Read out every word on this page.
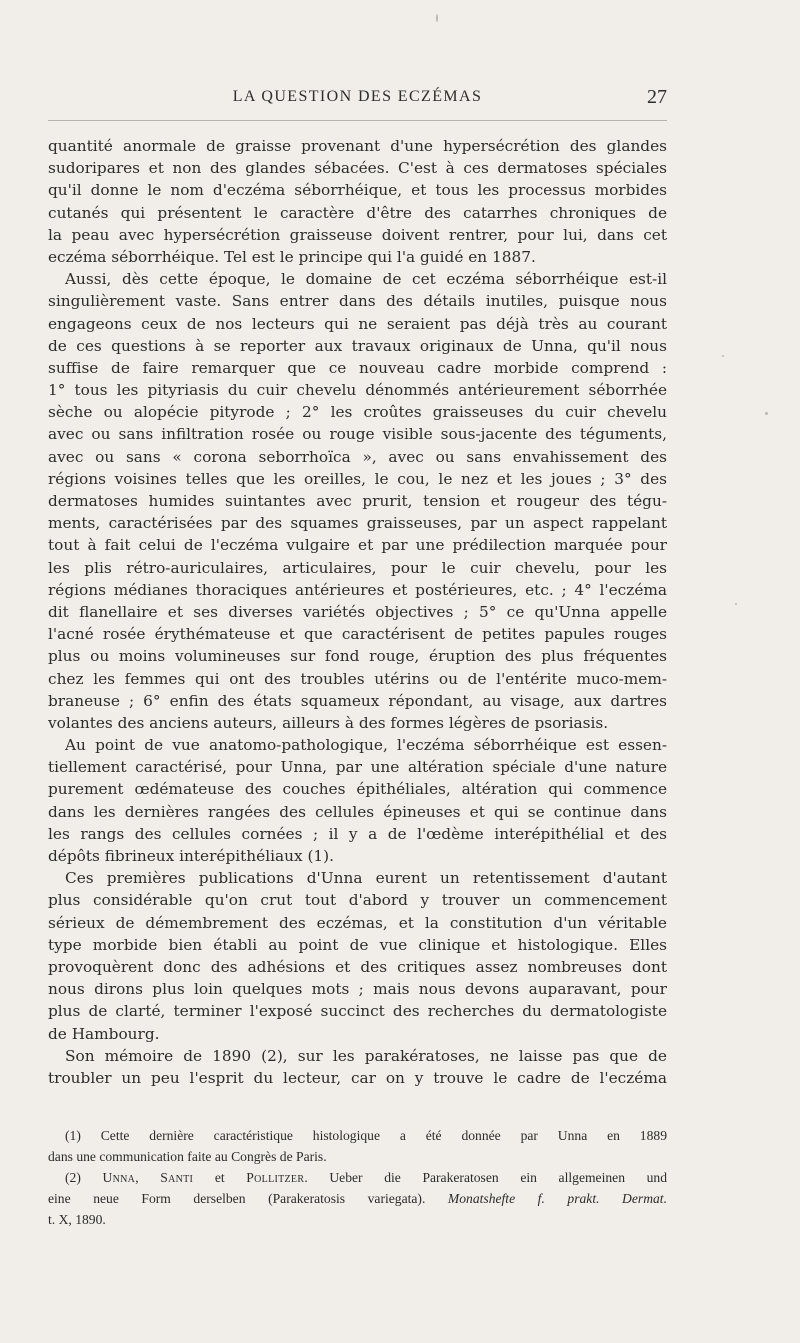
LA QUESTION DES ECZÉMAS	27
quantité anormale de graisse provenant d'une hypersécrétion des glandes
sudoripares et non des glandes sébacées. C'est à ces dermatoses spéciales
qu'il donne le nom d'eczéma séborrhéique, et tous les processus morbides
cutanés qui présentent le caractère d'être des catarrhes chroniques de
la peau avec hypersécrétion graisseuse doivent rentrer, pour lui, dans cet
eczéma séborrhéique. Tel est le principe qui l'a guidé en 1887.
Aussi, dès cette époque, le domaine de cet eczéma séborrhéique est-il
singulièrement vaste. Sans entrer dans des détails inutiles, puisque nous
engageons ceux de nos lecteurs qui ne seraient pas déjà très au courant
de ces questions à se reporter aux travaux originaux de Unna, qu'il nous
suffise de faire remarquer que ce nouveau cadre morbide comprend :
1° tous les pityriasis du cuir chevelu dénommés antérieurement séborrhée
sèche ou alopécie pityrode ; 2° les croûtes graisseuses du cuir chevelu
avec ou sans infiltration rosée ou rouge visible sous-jacente des téguments,
avec ou sans « corona seborrhoïca », avec ou sans envahissement des
régions voisines telles que les oreilles, le cou, le nez et les joues ; 3° des
dermatoses humides suintantes avec prurit, tension et rougeur des tégu-
ments, caractérisées par des squames graisseuses, par un aspect rappelant
tout à fait celui de l'eczéma vulgaire et par une prédilection marquée pour
les plis rétro-auriculaires, articulaires, pour le cuir chevelu, pour les
régions médianes thoraciques antérieures et postérieures, etc. ; 4° l'eczéma
dit flanellaire et ses diverses variétés objectives ; 5° ce qu'Unna appelle
l'acné rosée érythémateuse et que caractérisent de petites papules rouges
plus ou moins volumineuses sur fond rouge, éruption des plus fréquentes
chez les femmes qui ont des troubles utérins ou de l'entérite muco-mem-
braneuse ; 6° enfin des états squameux répondant, au visage, aux dartres
volantes des anciens auteurs, ailleurs à des formes légères de psoriasis.
Au point de vue anatomo-pathologique, l'eczéma séborrhéique est essen-
tiellement caractérisé, pour Unna, par une altération spéciale d'une nature
purement œdémateuse des couches épithéliales, altération qui commence
dans les dernières rangées des cellules épineuses et qui se continue dans
les rangs des cellules cornées ; il y a de l'œdème interépithélial et des
dépôts fibrineux interépithéliaux (1).
Ces premières publications d'Unna eurent un retentissement d'autant
plus considérable qu'on crut tout d'abord y trouver un commencement
sérieux de démembrement des eczémas, et la constitution d'un véritable
type morbide bien établi au point de vue clinique et histologique. Elles
provoquèrent donc des adhésions et des critiques assez nombreuses dont
nous dirons plus loin quelques mots ; mais nous devons auparavant, pour
plus de clarté, terminer l'exposé succinct des recherches du dermatologiste
de Hambourg.
Son mémoire de 1890 (2), sur les parakératoses, ne laisse pas que de
troubler un peu l'esprit du lecteur, car on y trouve le cadre de l'eczéma
(1) Cette dernière caractéristique histologique a été donnée par Unna en 1889
dans une communication faite au Congrès de Paris.
(2) Unna, Santi et Pollitzer. Ueber die Parakeratosen ein allgemeinen und
eine neue Form derselben (Parakeratosis variegata). Monatshefte f. prakt. Dermat.
t. X, 1890.
